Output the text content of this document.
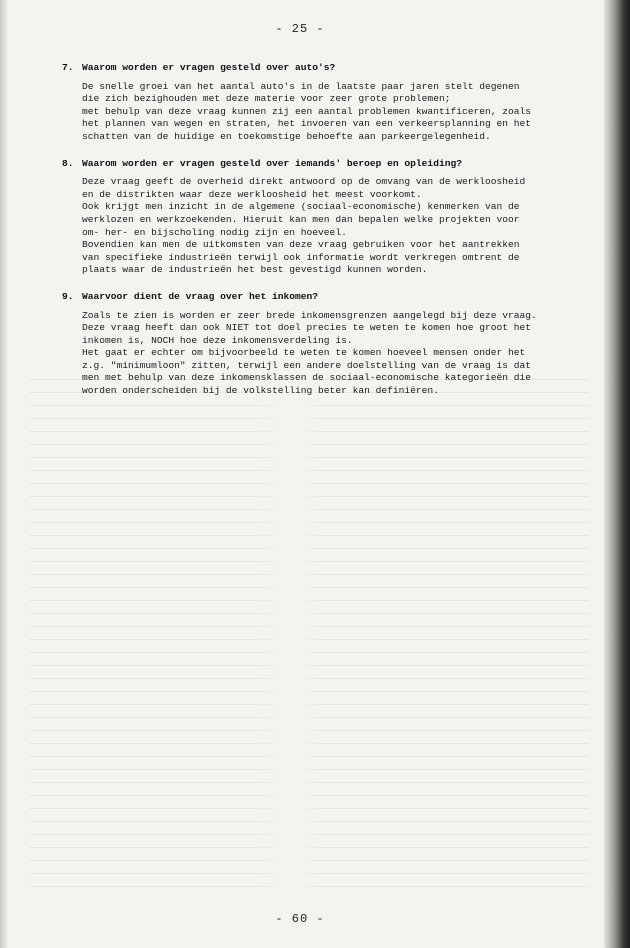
- 25 -
7. Waarom worden er vragen gesteld over auto's?
De snelle groei van het aantal auto's in de laatste paar jaren stelt degenen
die zich bezighouden met deze materie voor zeer grote problemen;
met behulp van deze vraag kunnen zij een aantal problemen kwantificeren, zoals
het plannen van wegen en straten, het invoeren van een verkeersplanning en het
schatten van de huidige en toekomstige behoefte aan parkeergelegenheid.
8. Waarom worden er vragen gesteld over iemands' beroep en opleiding?
Deze vraag geeft de overheid direkt antwoord op de omvang van de werkloosheid
en de distrikten waar deze werkloosheid het meest voorkomt.
Ook krijgt men inzicht in de algemene (sociaal-economische) kenmerken van de
werklozen en werkzoekenden. Hieruit kan men dan bepalen welke projekten voor
om- her- en bijscholing nodig zijn en hoeveel.
Bovendien kan men de uitkomsten van deze vraag gebruiken voor het aantrekken
van specifieke industrieën terwijl ook informatie wordt verkregen omtrent de
plaats waar de industrieën het best gevestigd kunnen worden.
9. Waarvoor dient de vraag over het inkomen?
Zoals te zien is worden er zeer brede inkomensgrenzen aangelegd bij deze vraag.
Deze vraag heeft dan ook NIET tot doel precies te weten te komen hoe groot het
inkomen is, NOCH hoe deze inkomensverdeling is.
Het gaat er echter om bijvoorbeeld te weten te komen hoeveel mensen onder het
z.g. "minimumloon" zitten, terwijl een andere doelstelling van de vraag is dat
men met behulp van deze inkomensklassen de sociaal-economische kategorieën die
worden onderscheiden bij de volkstelling beter kan definiëren.
- 60 -
